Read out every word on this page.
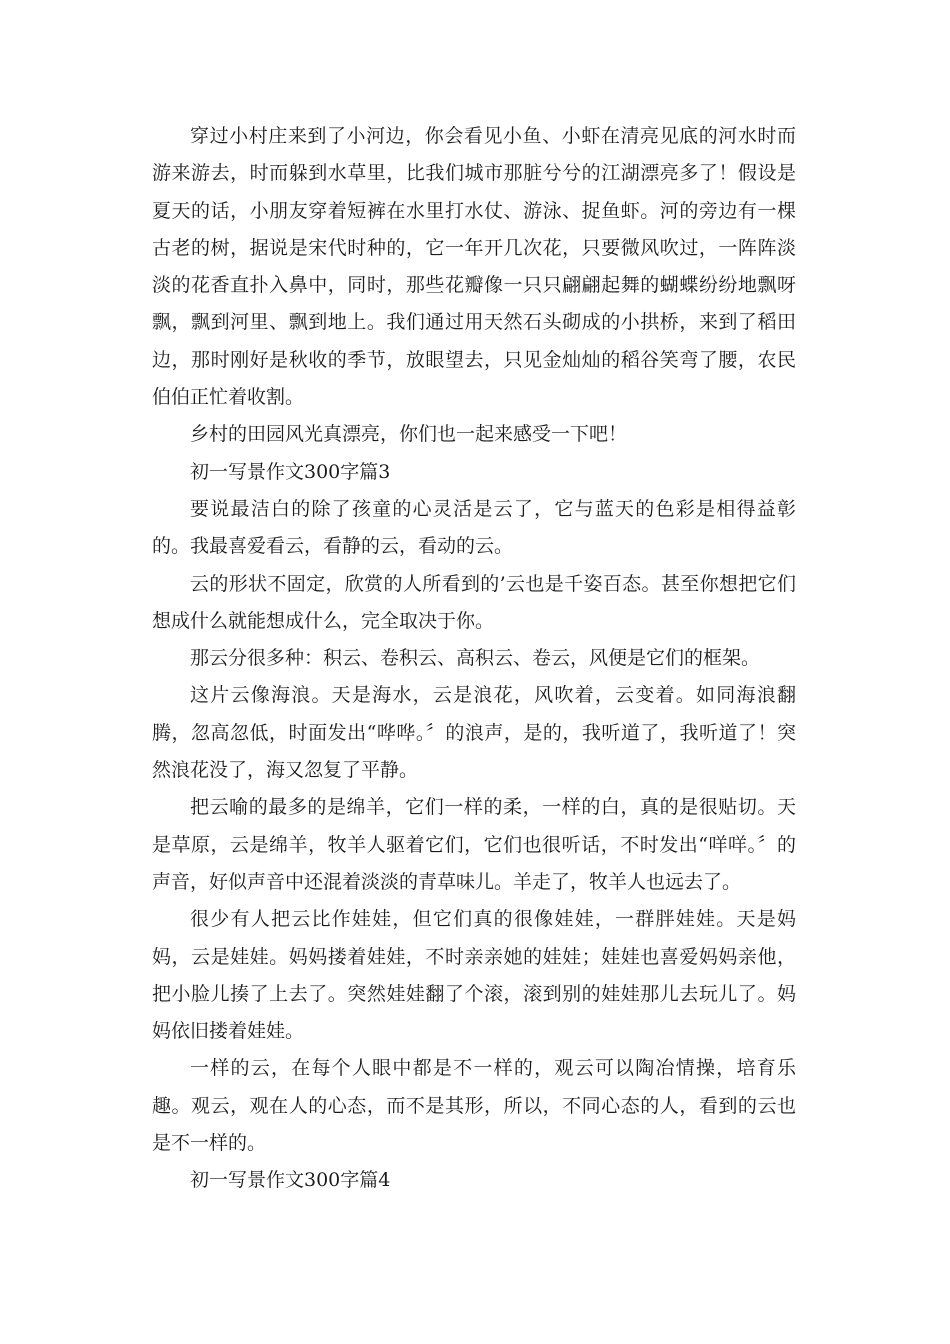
穿过小村庄来到了小河边，你会看见小鱼、小虾在清亮见底的河水时而游来游去，时而躲到水草里，比我们城市那脏兮兮的江湖漂亮多了！假设是夏天的话，小朋友穿着短裤在水里打水仗、游泳、捉鱼虾。河的旁边有一棵古老的树，据说是宋代时种的，它一年开几次花，只要微风吹过，一阵阵淡淡的花香直扑入鼻中，同时，那些花瓣像一只只翩翩起舞的蝴蝶纷纷地飘呀飘，飘到河里、飘到地上。我们通过用天然石头砌成的小拱桥，来到了稻田边，那时刚好是秋收的季节，放眼望去，只见金灿灿的稻谷笑弯了腰，农民伯伯正忙着收割。

乡村的田园风光真漂亮，你们也一起来感受一下吧！

初一写景作文300字篇3

要说最洁白的除了孩童的心灵活是云了，它与蓝天的色彩是相得益彰的。我最喜爱看云，看静的云，看动的云。

云的形状不固定，欣赏的人所看到的’云也是千姿百态。甚至你想把它们想成什么就能想成什么，完全取决于你。

那云分很多种：积云、卷积云、高积云、卷云，风便是它们的框架。

这片云像海浪。天是海水，云是浪花，风吹着，云变着。如同海浪翻腾，忽高忽低，时面发出“哗哗。〞的浪声，是的，我听道了，我听道了！突然浪花没了，海又忽复了平静。

把云喻的最多的是绵羊，它们一样的柔，一样的白，真的是很贴切。天是草原，云是绵羊，牧羊人驱着它们，它们也很听话，不时发出“咩咩。〞的声音，好似声音中还混着淡淡的青草味儿。羊走了，牧羊人也远去了。

很少有人把云比作娃娃，但它们真的很像娃娃，一群胖娃娃。天是妈妈，云是娃娃。妈妈搂着娃娃，不时亲亲她的娃娃；娃娃也喜爱妈妈亲他，把小脸儿揍了上去了。突然娃娃翻了个滚，滚到别的娃娃那儿去玩儿了。妈妈依旧搂着娃娃。

一样的云，在每个人眼中都是不一样的，观云可以陶冶情操，培育乐趣。观云，观在人的心态，而不是其形，所以，不同心态的人，看到的云也是不一样的。

初一写景作文300字篇4
